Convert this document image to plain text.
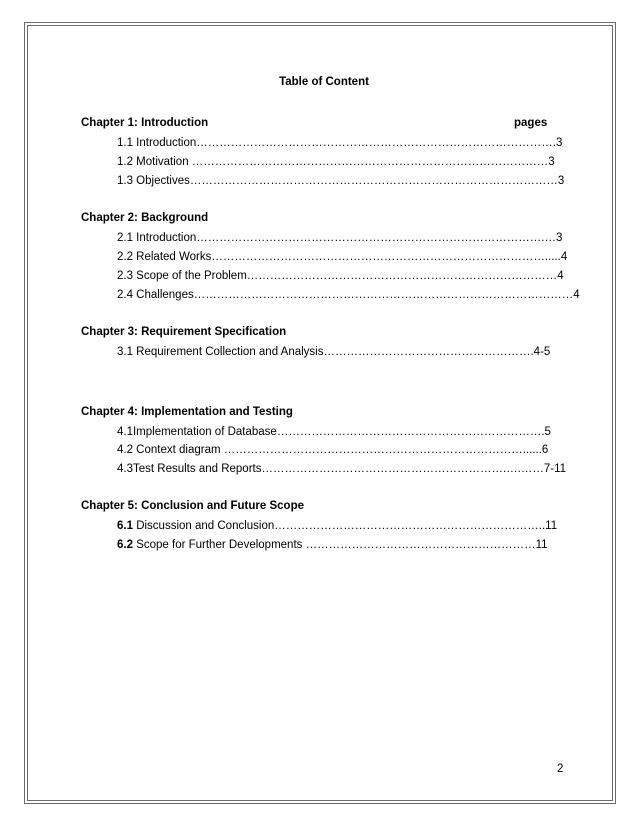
Table of Content
Chapter 1: Introduction	pages
1.1 Introduction………………………………………………………………………………….3
1.2 Motivation …………………………………………………………………………………3
1.3 Objectives……………………………………………………………………………………3
Chapter 2: Background
2.1 Introduction……………………………………………………………………………….…3
2.2 Related Works…………………………………………………………………………….....4
2.3 Scope of the Problem………………………………………………………………………4
2.4 Challenges………………………………………………………………………………………4
Chapter 3: Requirement Specification
3.1 Requirement Collection and Analysis……………………………………………….4-5
Chapter 4: Implementation and Testing
4.1Implementation of Database…………………………………………………………….5
4.2 Context diagram ……………………………………………………………………......6
4.3Test Results and Reports……………………………………………………….….……7-11
Chapter 5: Conclusion and Future Scope
6.1 Discussion and Conclusion……………………………………………………………..11
6.2 Scope for Further Developments ……………………………………………………11
2
